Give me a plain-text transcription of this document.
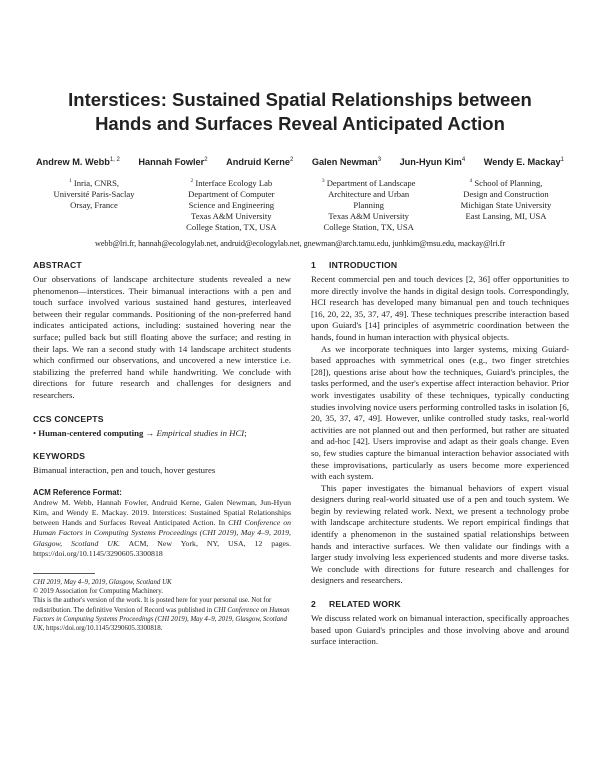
Interstices: Sustained Spatial Relationships between Hands and Surfaces Reveal Anticipated Action
Andrew M. Webb$^{1, 2}$ Hannah Fowler$^2$ Andruid Kerne$^2$ Galen Newman$^3$ Jun-Hyun Kim$^4$ Wendy E. Mackay$^1$
$^1$ Inria, CNRS,
Université Paris-Saclay
Orsay, France
$^2$ Interface Ecology Lab
Department of Computer
Science and Engineering
Texas A&M University
College Station, TX, USA
$^3$ Department of Landscape
Architecture and Urban
Planning
Texas A&M University
College Station, TX, USA
$^4$ School of Planning,
Design and Construction
Michigan State University
East Lansing, MI, USA
webb@lri.fr, hannah@ecologylab.net, andruid@ecologylab.net, gnewman@arch.tamu.edu, junhkim@msu.edu, mackay@lri.fr
ABSTRACT

Our observations of landscape architecture students revealed a new phenomenon—interstices. Their bimanual interactions with a pen and touch surface involved various sustained hand gestures, interleaved between their regular commands. Positioning of the non-preferred hand indicates anticipated actions, including: sustained hovering near the surface; pulled back but still floating above the surface; and resting in their laps. We ran a second study with 14 landscape architect students which confirmed our observations, and uncovered a new interstice i.e. stabilizing the preferred hand while handwriting. We conclude with directions for future research and challenges for designers and researchers.

CCS CONCEPTS
• Human-centered computing → Empirical studies in HCI;
KEYWORDS

Bimanual interaction, pen and touch, hover gestures

ACM Reference Format:

Andrew M. Webb, Hannah Fowler, Andruid Kerne, Galen Newman, Jun-Hyun Kim, and Wendy E. Mackay. 2019. Interstices: Sustained Spatial Relationships between Hands and Surfaces Reveal Anticipated Action. In CHI Conference on Human Factors in Computing Systems Proceedings (CHI 2019), May 4–9, 2019, Glasgow, Scotland UK. ACM, New York, NY, USA, 12 pages. https://doi.org/10.1145/3290605.3300818

CHI 2019, May 4–9, 2019, Glasgow, Scotland UK
© 2019 Association for Computing Machinery.
This is the author's version of the work. It is posted here for your personal use. Not for redistribution. The definitive Version of Record was published in CHI Conference on Human Factors in Computing Systems Proceedings (CHI 2019), May 4–9, 2019, Glasgow, Scotland UK, https://doi.org/10.1145/3290605.3300818.
1 INTRODUCTION

Recent commercial pen and touch devices [2, 36] offer opportunities to more directly involve the hands in digital design tools. Correspondingly, HCI research has developed many bimanual pen and touch techniques [16, 20, 22, 35, 37, 47, 49]. These techniques prescribe interaction based upon Guiard's [14] principles of asymmetric coordination between the hands, found in human interaction with physical objects.

As we incorporate techniques into larger systems, mixing Guiard-based approaches with symmetrical ones (e.g., two finger stretchies [28]), questions arise about how the techniques, Guiard's principles, the tasks performed, and the user's expertise affect interaction behavior. Prior work investigates usability of these techniques, typically conducting studies involving novice users performing controlled tasks in isolation [6, 20, 35, 37, 47, 49]. However, unlike controlled study tasks, real-world activities are not planned out and then performed, but rather are situated and ad-hoc [42]. Users improvise and adapt as their goals change. Even so, few studies capture the bimanual interaction behavior associated with these improvisations, particularly as users become more experienced with each system.

This paper investigates the bimanual behaviors of expert visual designers during real-world situated use of a pen and touch system. We begin by reviewing related work. Next, we present a technology probe with landscape architecture students. We report empirical findings that identify a phenomenon in the sustained spatial relationships between hands and interactive surfaces. We then validate our findings with a larger study involving less experienced students and more diverse tasks. We conclude with directions for future research and challenges for designers and researchers.

2 RELATED WORK

We discuss related work on bimanual interaction, specifically approaches based upon Guiard's principles and those involving above and around surface interaction.
